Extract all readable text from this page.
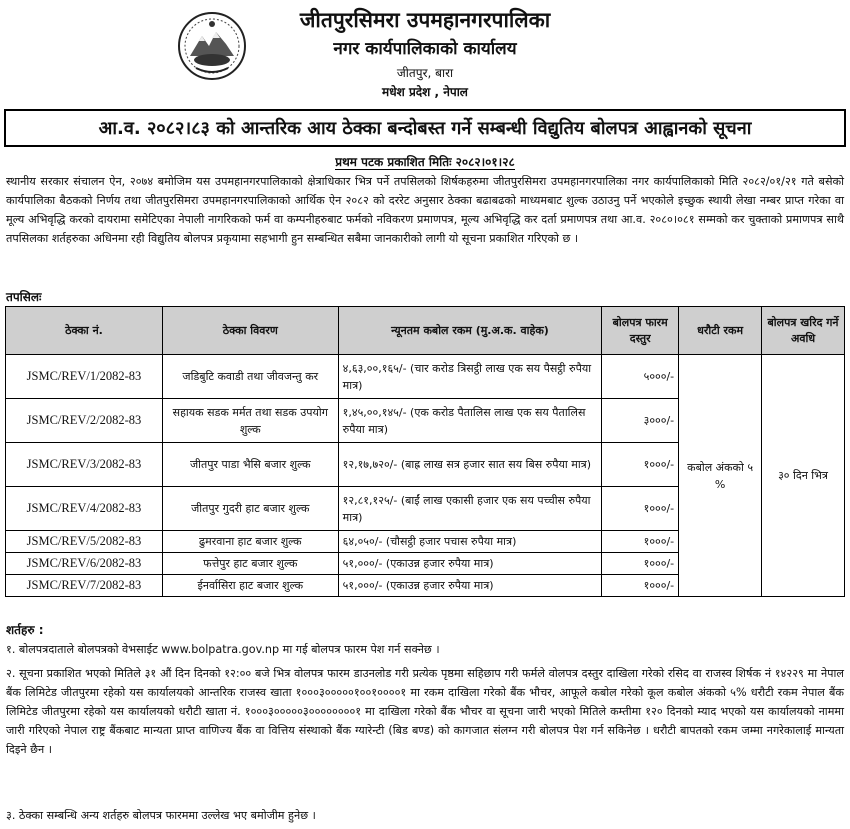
जीतपुरसिमरा उपमहानगरपालिका
नगर कार्यपालिकाको कार्यालय
जीतपुर, बारा
मधेश प्रदेश , नेपाल
आ.व. २०८२।८३ को आन्तरिक आय ठेक्का बन्दोबस्त गर्ने सम्बन्धी विद्युतिय बोलपत्र आह्वानको सूचना
प्रथम पटक प्रकाशित मितिः २०८२।०१।२८

स्थानीय सरकार संचालन ऐन, २०७४ बमोजिम यस उपमहानगरपालिकाको क्षेत्राधिकार भित्र पर्ने तपसिलको शिर्षकहरुमा जीतपुरसिमरा उपमहानगरपालिका नगर कार्यपालिकाको मिति २०८२/०१/२१ गते बसेको कार्यपालिका बैठकको निर्णय तथा जीतपुरसिमरा उपमहानगरपालिकाको आर्थिक ऐन २०८२ को दररेट अनुसार ठेक्का बढाबढको माध्यमबाट शुल्क उठाउनु पर्ने भएकोले इच्छुक स्थायी लेखा नम्बर प्राप्त गरेका वा मूल्य अभिवृद्धि करको दायरामा समेटिएका नेपाली नागरिकको फर्म वा कम्पनीहरुबाट फर्मको नविकरण प्रमाणपत्र, मूल्य अभिवृद्धि कर दर्ता प्रमाणपत्र तथा आ.व. २०८०।०८१ सम्मको कर चुक्ताको प्रमाणपत्र साथै तपसिलका शर्तहरुका अधिनमा रही विद्युतिय बोलपत्र प्रकृयामा सहभागी हुन सम्बन्धित सबैमा जानकारीको लागी यो सूचना प्रकाशित गरिएको छ ।

तपसिलः
ठेक्का नं.	ठेक्का विवरण	न्यूनतम कबोल रकम (मु.अ.क. वाहेक)	बोलपत्र फारम दस्तुर	धरौटी रकम	बोलपत्र खरिद गर्ने अवधि
JSMC/REV/1/2082-83	जडिबुटि कवाडी तथा जीवजन्तु कर	४,६३,००,१६५/- (चार करोड त्रिसट्ठी लाख एक सय पैसट्ठी रुपैया मात्र)	५०००/-	कबोल अंकको ५ %	३० दिन भित्र
JSMC/REV/2/2082-83	सहायक सडक मर्मत तथा सडक उपयोग शुल्क	१,४५,००,१४५/- (एक करोड पैतालिस लाख एक सय पैतालिस रुपैया मात्र)	३०००/-		
JSMC/REV/3/2082-83	जीतपुर पाडा भैसि बजार शुल्क	१२,१७,७२०/- (बाह्र लाख सत्र हजार सात सय बिस रुपैया मात्र)	१०००/-		
JSMC/REV/4/2082-83	जीतपुर गुदरी हाट बजार शुल्क	१२,८१,१२५/- (बाईं लाख एकासी हजार एक सय पच्चीस रुपैया मात्र)	१०००/-		
JSMC/REV/5/2082-83	ढुमरवाना हाट बजार शुल्क	६४,०५०/- (चौसट्ठी हजार पचास रुपैया मात्र)	१०००/-		
JSMC/REV/6/2082-83	फत्तेपुर हाट बजार शुल्क	५१,०००/- (एकाउन्न हजार रुपैया मात्र)	१०००/-		
JSMC/REV/7/2082-83	ईनर्वासिरा हाट बजार शुल्क	५१,०००/- (एकाउन्न हजार रुपैया मात्र)	१०००/-		
शर्तहरु :

१. बोलपत्रदाताले बोलपत्रको वेभसाईट www.bolpatra.gov.np मा गई बोलपत्र फारम पेश गर्न सक्नेछ ।

२. सूचना प्रकाशित भएको मितिले ३१ औं दिन दिनको १२:०० बजे भित्र वोलपत्र फारम डाउनलोड गरी प्रत्येक पृष्ठमा सहिछाप गरी फर्मले वोलपत्र दस्तुर दाखिला गरेको रसिद वा राजस्व शिर्षक नं १४२२९ मा नेपाल बैंक लिमिटेड जीतपुरमा रहेको यस कार्यालयको आन्तरिक राजस्व खाता १०००३०००००१००१००००१ मा रकम दाखिला गरेको बैंक भौचर, आफूले कबोल गरेको कूल कबोल अंकको ५% धरौटी रकम नेपाल बैंक लिमिटेड जीतपुरमा रहेको यस कार्यालयको धरौटी खाता नं. १०००३०००००३००००००००१ मा दाखिला गरेको बैंक भौचर वा सूचना जारी भएको मितिले कम्तीमा १२० दिनको म्याद भएको यस कार्यालयको नाममा जारी गरिएको नेपाल राष्ट्र बैंकबाट मान्यता प्राप्त वाणिज्य बैंक वा वित्तिय संस्थाको बैंक ग्यारेन्टी (बिड बण्ड) को कागजात संलग्न गरी बोलपत्र पेश गर्न सकिनेछ । धरौटी बापतको रकम जम्मा नगरेकालाई मान्यता दिइने छैन ।

३. ठेक्का सम्बन्धि अन्य शर्तहरु बोलपत्र फारममा उल्लेख भए बमोजीम हुनेछ ।
